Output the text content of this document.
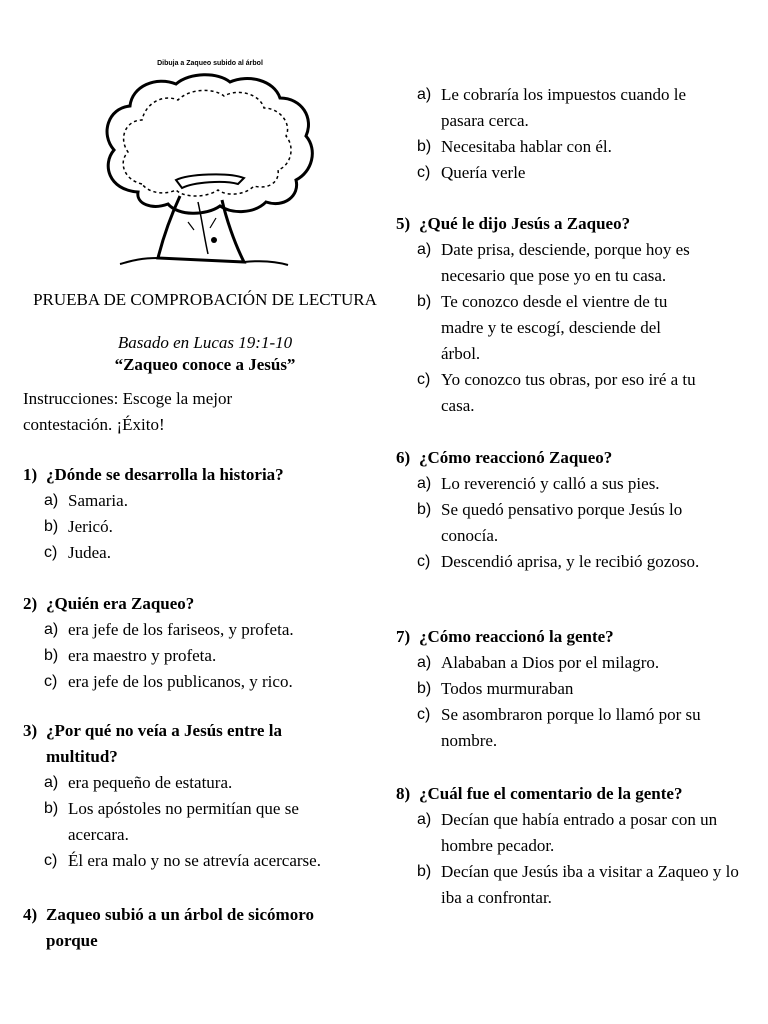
Dibuja a Zaqueo subido al árbol
PRUEBA DE COMPROBACIÓN DE LECTURA
Basado en Lucas 19:1-10
“Zaqueo conoce a Jesús”
Instrucciones: Escoge la mejor contestación. ¡Éxito!
1) ¿Dónde se desarrolla la historia?
a) Samaria.
b) Jericó.
c) Judea.
2) ¿Quién era Zaqueo?
a) era jefe de los fariseos, y profeta.
b) era maestro y profeta.
c) era jefe de los publicanos, y rico.
3) ¿Por qué no veía a Jesús entre la multitud?
a) era pequeño de estatura.
b) Los apóstoles no permitían que se acercara.
c) Él era malo y no se atrevía acercarse.
4) Zaqueo subió a un árbol de sicómoro porque
a) Le cobraría los impuestos cuando le pasara cerca.
b) Necesitaba hablar con él.
c) Quería verle
5) ¿Qué le dijo Jesús a Zaqueo?
a) Date prisa, desciende, porque hoy es necesario que pose yo en tu casa.
b) Te conozco desde el vientre de tu madre y te escogí, desciende del árbol.
c) Yo conozco tus obras, por eso iré a tu casa.
6) ¿Cómo reaccionó Zaqueo?
a) Lo reverenció y calló a sus pies.
b) Se quedó pensativo porque Jesús lo conocía.
c) Descendió aprisa, y le recibió gozoso.
7) ¿Cómo reaccionó la gente?
a) Alababan a Dios por el milagro.
b) Todos murmuraban
c) Se asombraron porque lo llamó por su nombre.
8) ¿Cuál fue el comentario de la gente?
a) Decían que había entrado a posar con un hombre pecador.
b) Decían que Jesús iba a visitar a Zaqueo y lo iba a confrontar.
